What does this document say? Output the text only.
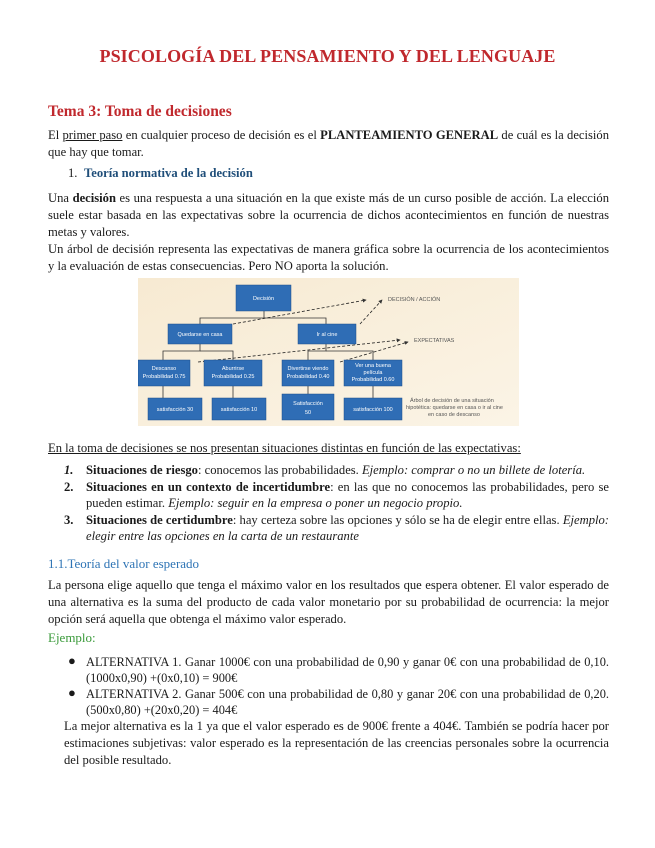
PSICOLOGÍA DEL PENSAMIENTO Y DEL LENGUAJE
Tema 3: Toma de decisiones
El primer paso en cualquier proceso de decisión es el PLANTEAMIENTO GENERAL de cuál es la decisión que hay que tomar.
1. Teoría normativa de la decisión
Una decisión es una respuesta a una situación en la que existe más de un curso posible de acción. La elección suele estar basada en las expectativas sobre la ocurrencia de dichos acontecimientos en función de nuestras metas y valores.
Un árbol de decisión representa las expectativas de manera gráfica sobre la ocurrencia de los acontecimientos y la evaluación de estas consecuencias. Pero NO aporta la solución.
Decisión
Quedarse en casa	Ir al cine
Descanso
Probabilidad 0.75
Aburrirse
Probabilidad 0.25
Divertirse viendo
Probabilidad 0.40
Ver una buena
película
Probabilidad 0.60
satisfacción 30	satisfacción 10
Satisfacción
50	satisfacción 100
DECISIÓN / ACCIÓN
EXPECTATIVAS
Árbol de decisión de una situación
hipotética: quedarse en casa o ir al cine
en caso de descanso
En la toma de decisiones se nos presentan situaciones distintas en función de las expectativas:
1. Situaciones de riesgo: conocemos las probabilidades. Ejemplo: comprar o no un billete de lotería.
2. Situaciones en un contexto de incertidumbre: en las que no conocemos las probabilidades, pero se pueden estimar. Ejemplo: seguir en la empresa o poner un negocio propio.
3. Situaciones de certidumbre: hay certeza sobre las opciones y sólo se ha de elegir entre ellas. Ejemplo: elegir entre las opciones en la carta de un restaurante
1.1.Teoría del valor esperado
La persona elige aquello que tenga el máximo valor en los resultados que espera obtener. El valor esperado de una alternativa es la suma del producto de cada valor monetario por su probabilidad de ocurrencia: la mejor opción será aquella que obtenga el máximo valor esperado.
Ejemplo:
● ALTERNATIVA 1. Ganar 1000€ con una probabilidad de 0,90 y ganar 0€ con una probabilidad de 0,10. (1000x0,90) +(0x0,10) = 900€
● ALTERNATIVA 2. Ganar 500€ con una probabilidad de 0,80 y ganar 20€ con una probabilidad de 0,20. (500x0,80) +(20x0,20) = 404€
La mejor alternativa es la 1 ya que el valor esperado es de 900€ frente a 404€. También se podría hacer por estimaciones subjetivas: valor esperado es la representación de las creencias personales sobre la ocurrencia del posible resultado.
